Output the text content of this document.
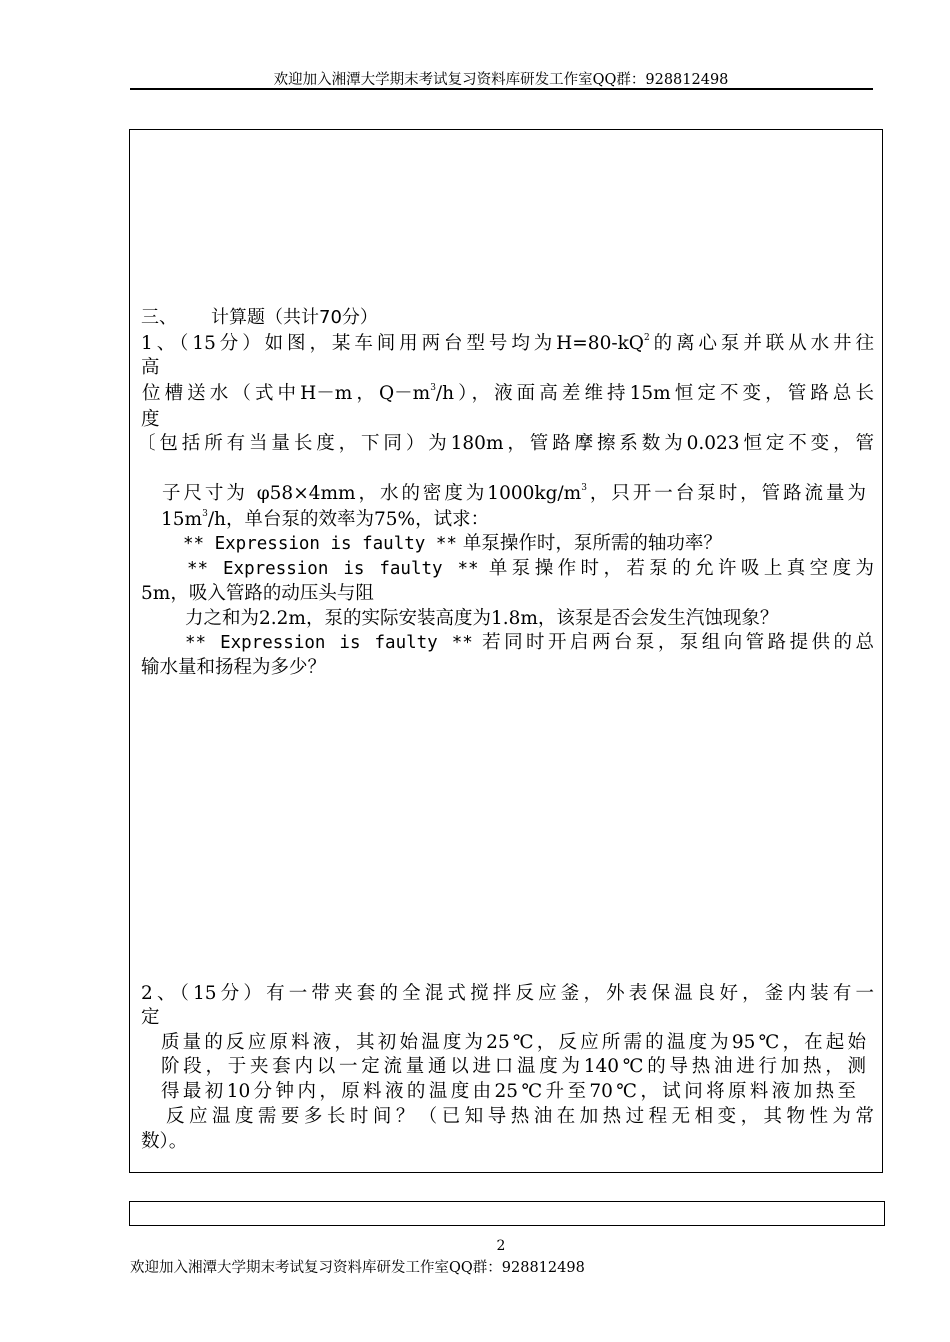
欢迎加入湘潭大学期末考试复习资料库研发工作室QQ群：928812498
三、 计算题（共计70分）
1、（15分）如图，某车间用两台型号均为$H=80-kQ^2$的离心泵并联从水井往
高
位槽送水（式中H－m，$Q-m^3/h$），液面高差维持15m恒定不变，管路总长
度
〔包括所有当量长度，下同）为180m，管路摩擦系数为0.023恒定不变，管
子尺寸为 φ58×4mm，水的密度为$1000kg/m^3$，只开一台泵时，管路流量为
$15m^3/h$，单台泵的效率为75%，试求：
** Expression is faulty ** 单泵操作时，泵所需的轴功率？
** Expression is faulty ** 单泵操作时，若泵的允许吸上真空度为
5m，吸入管路的动压头与阻
力之和为2.2m，泵的实际安装高度为1.8m，该泵是否会发生汽蚀现象？
** Expression is faulty ** 若同时开启两台泵，泵组向管路提供的总
输水量和扬程为多少？
2、（15分）有一带夹套的全混式搅拌反应釜，外表保温良好，釜内装有一
定
质量的反应原料液，其初始温度为25℃，反应所需的温度为95℃，在起始
阶段，于夹套内以一定流量通以进口温度为140℃的导热油进行加热，测
得最初10分钟内，原料液的温度由25℃升至70℃，试问将原料液加热至
反应温度需要多长时间？（已知导热油在加热过程无相变，其物性为常
数）。
2
欢迎加入湘潭大学期末考试复习资料库研发工作室QQ群：928812498
